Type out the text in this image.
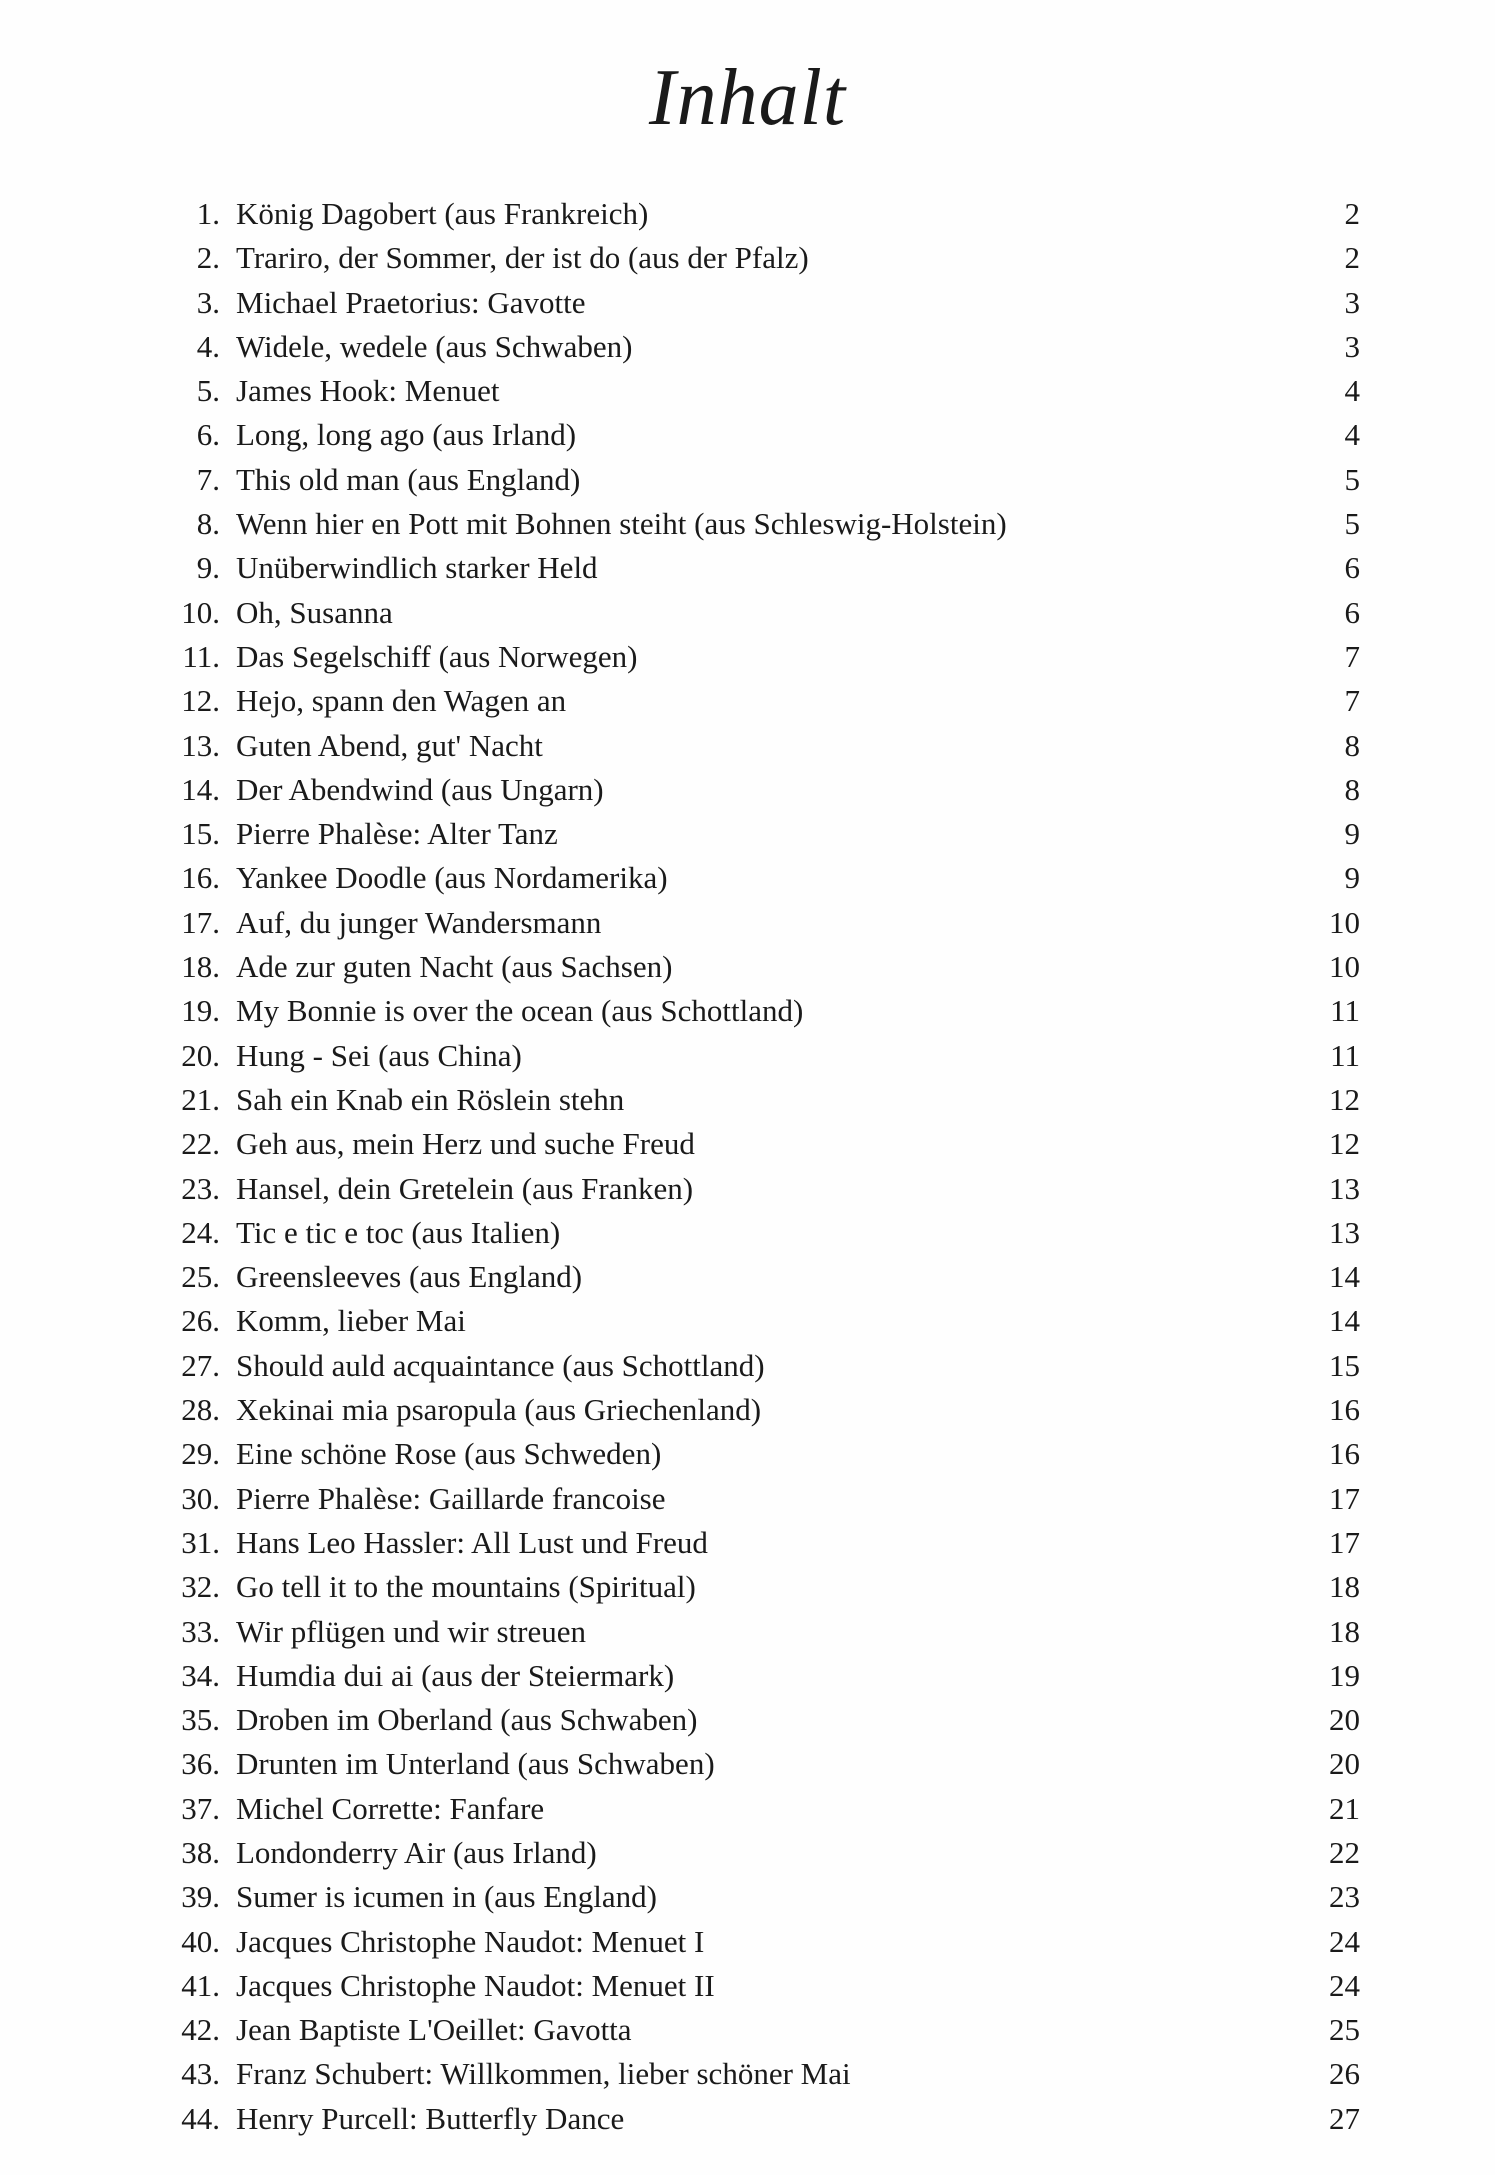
Inhalt
1. König Dagobert (aus Frankreich)	2
2. Trariro, der Sommer, der ist do (aus der Pfalz)	2
3. Michael Praetorius: Gavotte	3
4. Widele, wedele (aus Schwaben)	3
5. James Hook: Menuet	4
6. Long, long ago (aus Irland)	4
7. This old man (aus England)	5
8. Wenn hier en Pott mit Bohnen steiht (aus Schleswig-Holstein)	5
9. Unüberwindlich starker Held	6
10. Oh, Susanna	6
11. Das Segelschiff (aus Norwegen)	7
12. Hejo, spann den Wagen an	7
13. Guten Abend, gut' Nacht	8
14. Der Abendwind (aus Ungarn)	8
15. Pierre Phalèse: Alter Tanz	9
16. Yankee Doodle (aus Nordamerika)	9
17. Auf, du junger Wandersmann	10
18. Ade zur guten Nacht (aus Sachsen)	10
19. My Bonnie is over the ocean (aus Schottland)	11
20. Hung - Sei (aus China)	11
21. Sah ein Knab ein Röslein stehn	12
22. Geh aus, mein Herz und suche Freud	12
23. Hansel, dein Gretelein (aus Franken)	13
24. Tic e tic e toc (aus Italien)	13
25. Greensleeves (aus England)	14
26. Komm, lieber Mai	14
27. Should auld acquaintance (aus Schottland)	15
28. Xekinai mia psaropula (aus Griechenland)	16
29. Eine schöne Rose (aus Schweden)	16
30. Pierre Phalèse: Gaillarde francoise	17
31. Hans Leo Hassler: All Lust und Freud	17
32. Go tell it to the mountains (Spiritual)	18
33. Wir pflügen und wir streuen	18
34. Humdia dui ai (aus der Steiermark)	19
35. Droben im Oberland (aus Schwaben)	20
36. Drunten im Unterland (aus Schwaben)	20
37. Michel Corrette: Fanfare	21
38. Londonderry Air (aus Irland)	22
39. Sumer is icumen in (aus England)	23
40. Jacques Christophe Naudot: Menuet I	24
41. Jacques Christophe Naudot: Menuet II	24
42. Jean Baptiste L'Oeillet: Gavotta	25
43. Franz Schubert: Willkommen, lieber schöner Mai	26
44. Henry Purcell: Butterfly Dance	27
